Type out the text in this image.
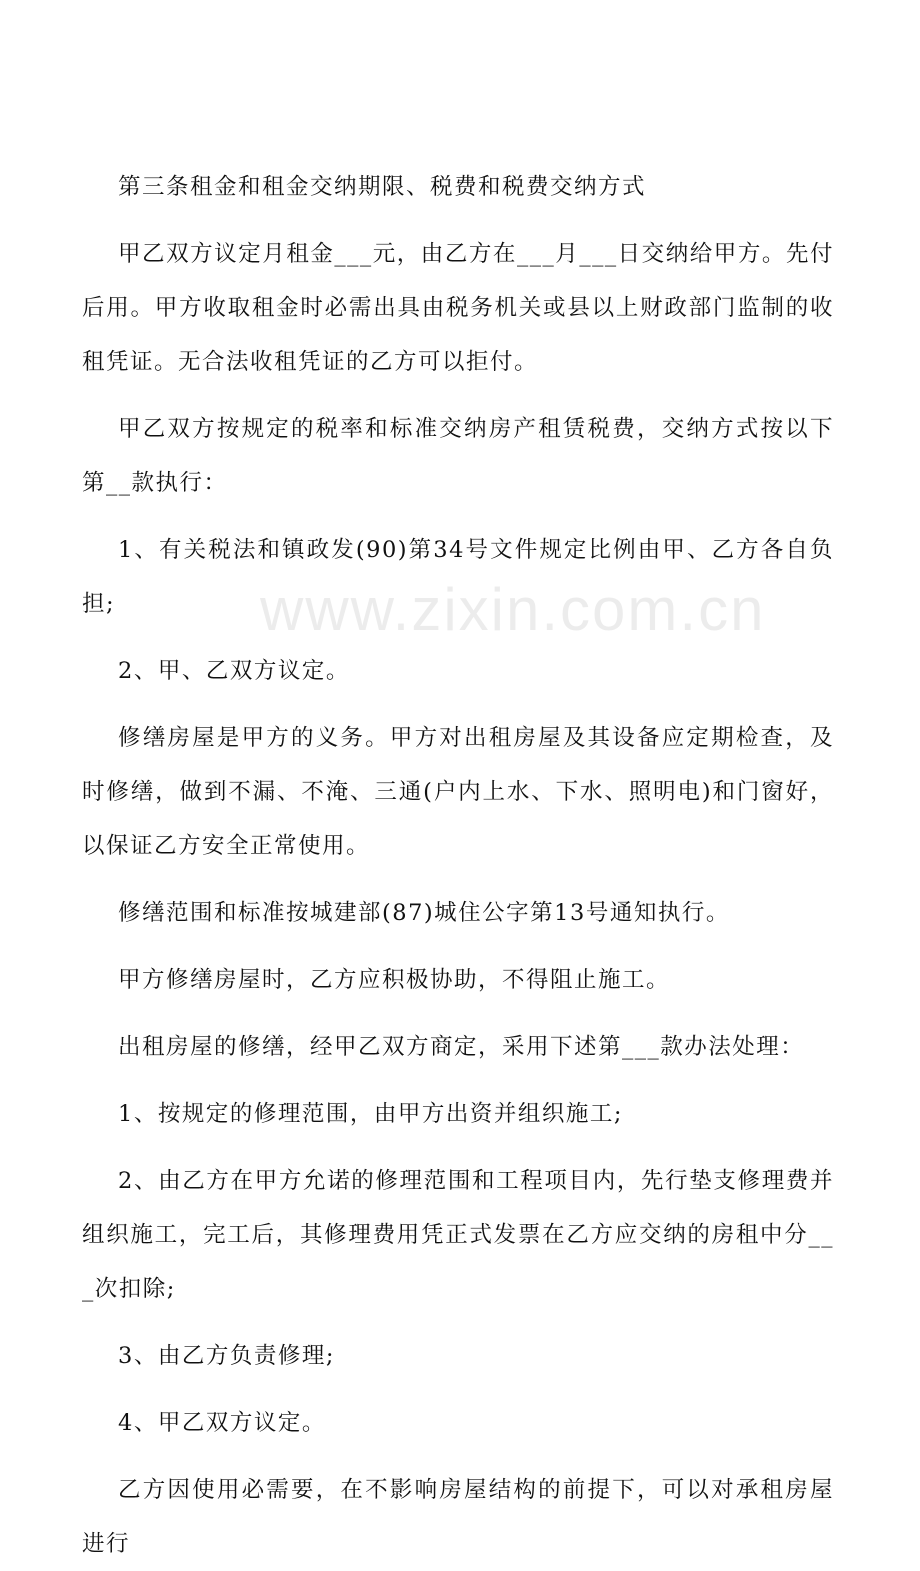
www.zixin.com.cn

第三条租金和租金交纳期限、税费和税费交纳方式

甲乙双方议定月租金___元，由乙方在___月___日交纳给甲方。先付后用。甲方收取租金时必需出具由税务机关或县以上财政部门监制的收租凭证。无合法收租凭证的乙方可以拒付。

甲乙双方按规定的税率和标准交纳房产租赁税费，交纳方式按以下第__款执行：

1、有关税法和镇政发(90)第34号文件规定比例由甲、乙方各自负担;

2、甲、乙双方议定。

修缮房屋是甲方的义务。甲方对出租房屋及其设备应定期检查，及时修缮，做到不漏、不淹、三通(户内上水、下水、照明电)和门窗好，以保证乙方安全正常使用。

修缮范围和标准按城建部(87)城住公字第13号通知执行。

甲方修缮房屋时，乙方应积极协助，不得阻止施工。

出租房屋的修缮，经甲乙双方商定，采用下述第___款办法处理：

1、按规定的修理范围，由甲方出资并组织施工;

2、由乙方在甲方允诺的修理范围和工程项目内，先行垫支修理费并组织施工，完工后，其修理费用凭正式发票在乙方应交纳的房租中分___次扣除;

3、由乙方负责修理;

4、甲乙双方议定。

乙方因使用必需要，在不影响房屋结构的前提下，可以对承租房屋进行
